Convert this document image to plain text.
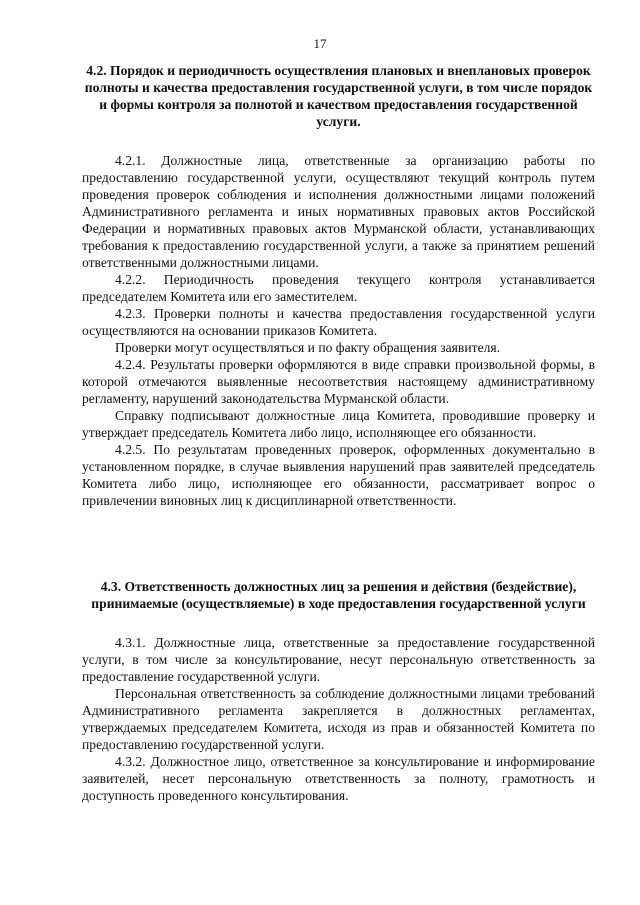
17

4.2. Порядок и периодичность осуществления плановых и внеплановых проверок полноты и качества предоставления государственной услуги, в том числе порядок и формы контроля за полнотой и качеством предоставления государственной услуги.

4.2.1. Должностные лица, ответственные за организацию работы по предоставлению государственной услуги, осуществляют текущий контроль путем проведения проверок соблюдения и исполнения должностными лицами положений Административного регламента и иных нормативных правовых актов Российской Федерации и нормативных правовых актов Мурманской области, устанавливающих требования к предоставлению государственной услуги, а также за принятием решений ответственными должностными лицами.

4.2.2. Периодичность проведения текущего контроля устанавливается председателем Комитета или его заместителем.

4.2.3. Проверки полноты и качества предоставления государственной услуги осуществляются на основании приказов Комитета.

Проверки могут осуществляться и по факту обращения заявителя.

4.2.4. Результаты проверки оформляются в виде справки произвольной формы, в которой отмечаются выявленные несоответствия настоящему административному регламенту, нарушений законодательства Мурманской области.

Справку подписывают должностные лица Комитета, проводившие проверку и утверждает председатель Комитета либо лицо, исполняющее его обязанности.

4.2.5. По результатам проведенных проверок, оформленных документально в установленном порядке, в случае выявления нарушений прав заявителей председатель Комитета либо лицо, исполняющее его обязанности, рассматривает вопрос о привлечении виновных лиц к дисциплинарной ответственности.

4.3. Ответственность должностных лиц за решения и действия (бездействие), принимаемые (осуществляемые) в ходе предоставления государственной услуги

4.3.1. Должностные лица, ответственные за предоставление государственной услуги, в том числе за консультирование, несут персональную ответственность за предоставление государственной услуги.

Персональная ответственность за соблюдение должностными лицами требований Административного регламента закрепляется в должностных регламентах, утверждаемых председателем Комитета, исходя из прав и обязанностей Комитета по предоставлению государственной услуги.

4.3.2. Должностное лицо, ответственное за консультирование и информирование заявителей, несет персональную ответственность за полноту, грамотность и доступность проведенного консультирования.
